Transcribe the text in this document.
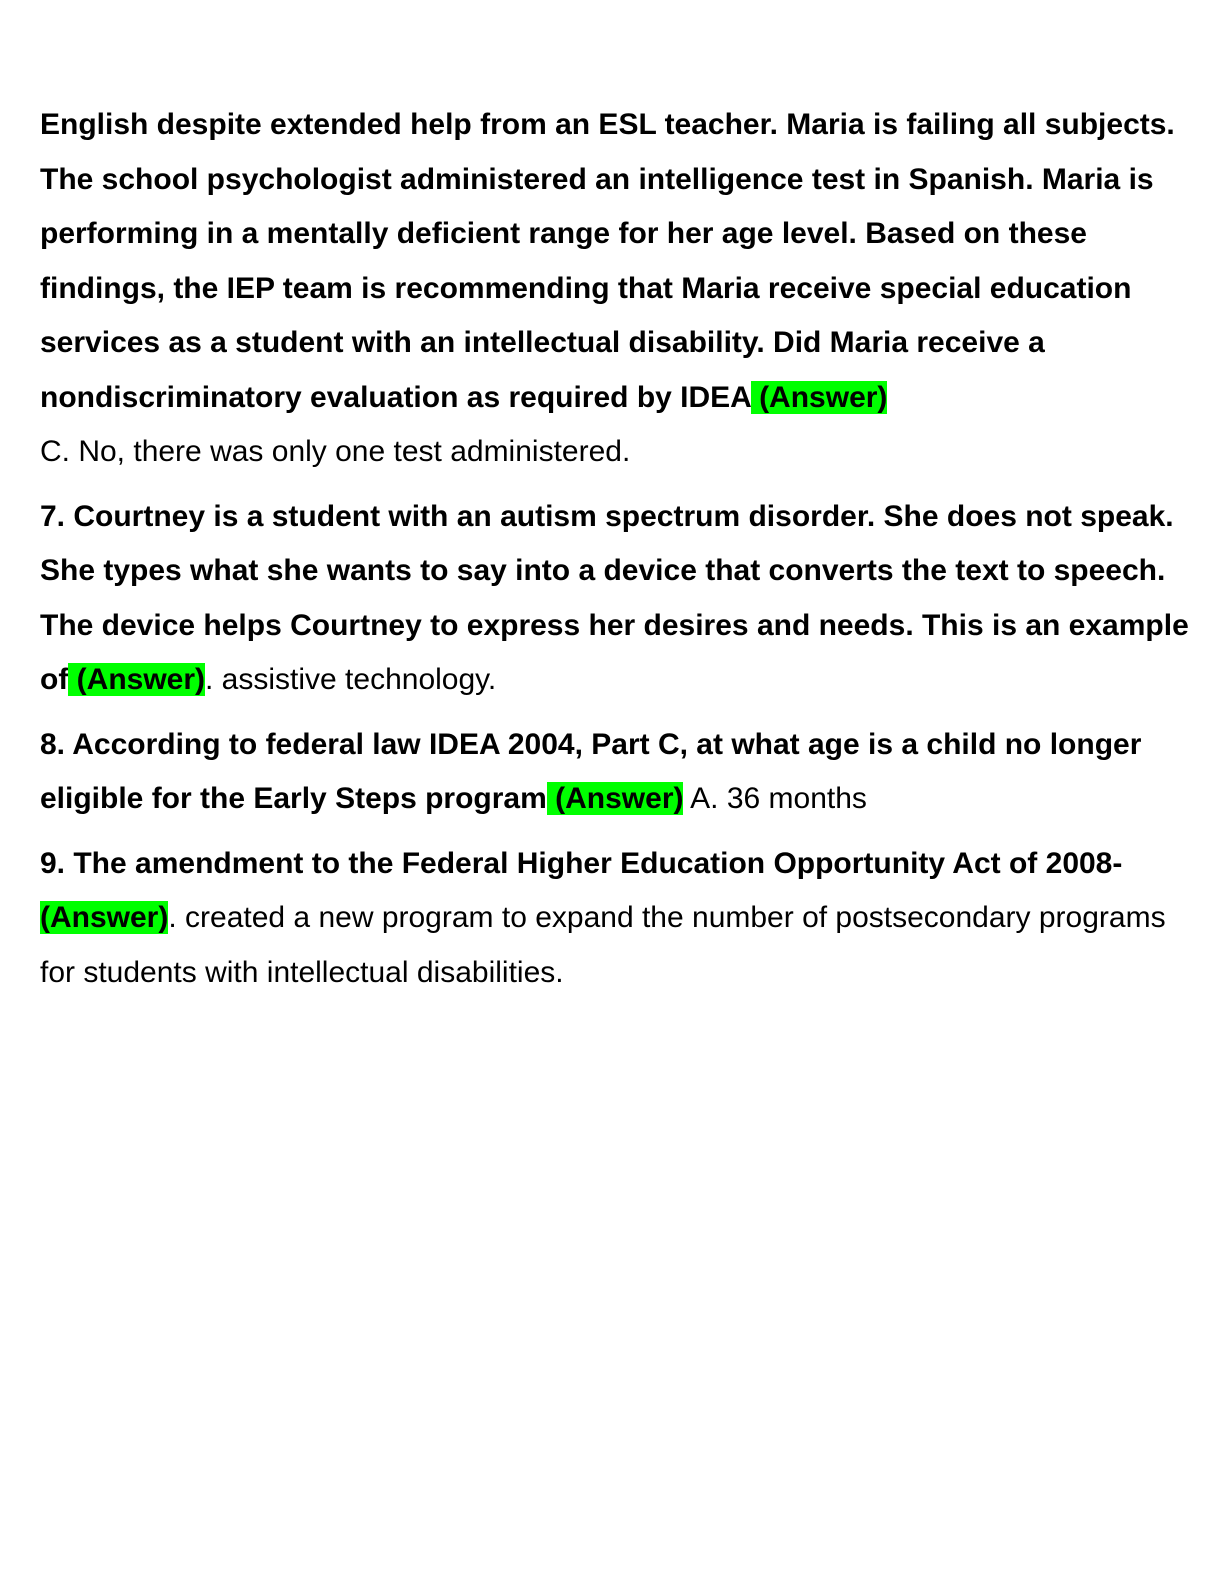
English despite extended help from an ESL teacher. Maria is failing all subjects. The school psychologist administered an intelligence test in Spanish. Maria is performing in a mentally deficient range for her age level. Based on these findings, the IEP team is recommending that Maria receive special education services as a student with an intellectual disability. Did Maria receive a nondiscriminatory evaluation as required by IDEA (Answer)
C. No, there was only one test administered.

7. Courtney is a student with an autism spectrum disorder. She does not speak. She types what she wants to say into a device that converts the text to speech. The device helps Courtney to express her desires and needs. This is an example of (Answer). assistive technology.

8. According to federal law IDEA 2004, Part C, at what age is a child no longer eligible for the Early Steps program (Answer) A. 36 months

9. The amendment to the Federal Higher Education Opportunity Act of 2008-
(Answer). created a new program to expand the number of postsecondary programs for students with intellectual disabilities.
